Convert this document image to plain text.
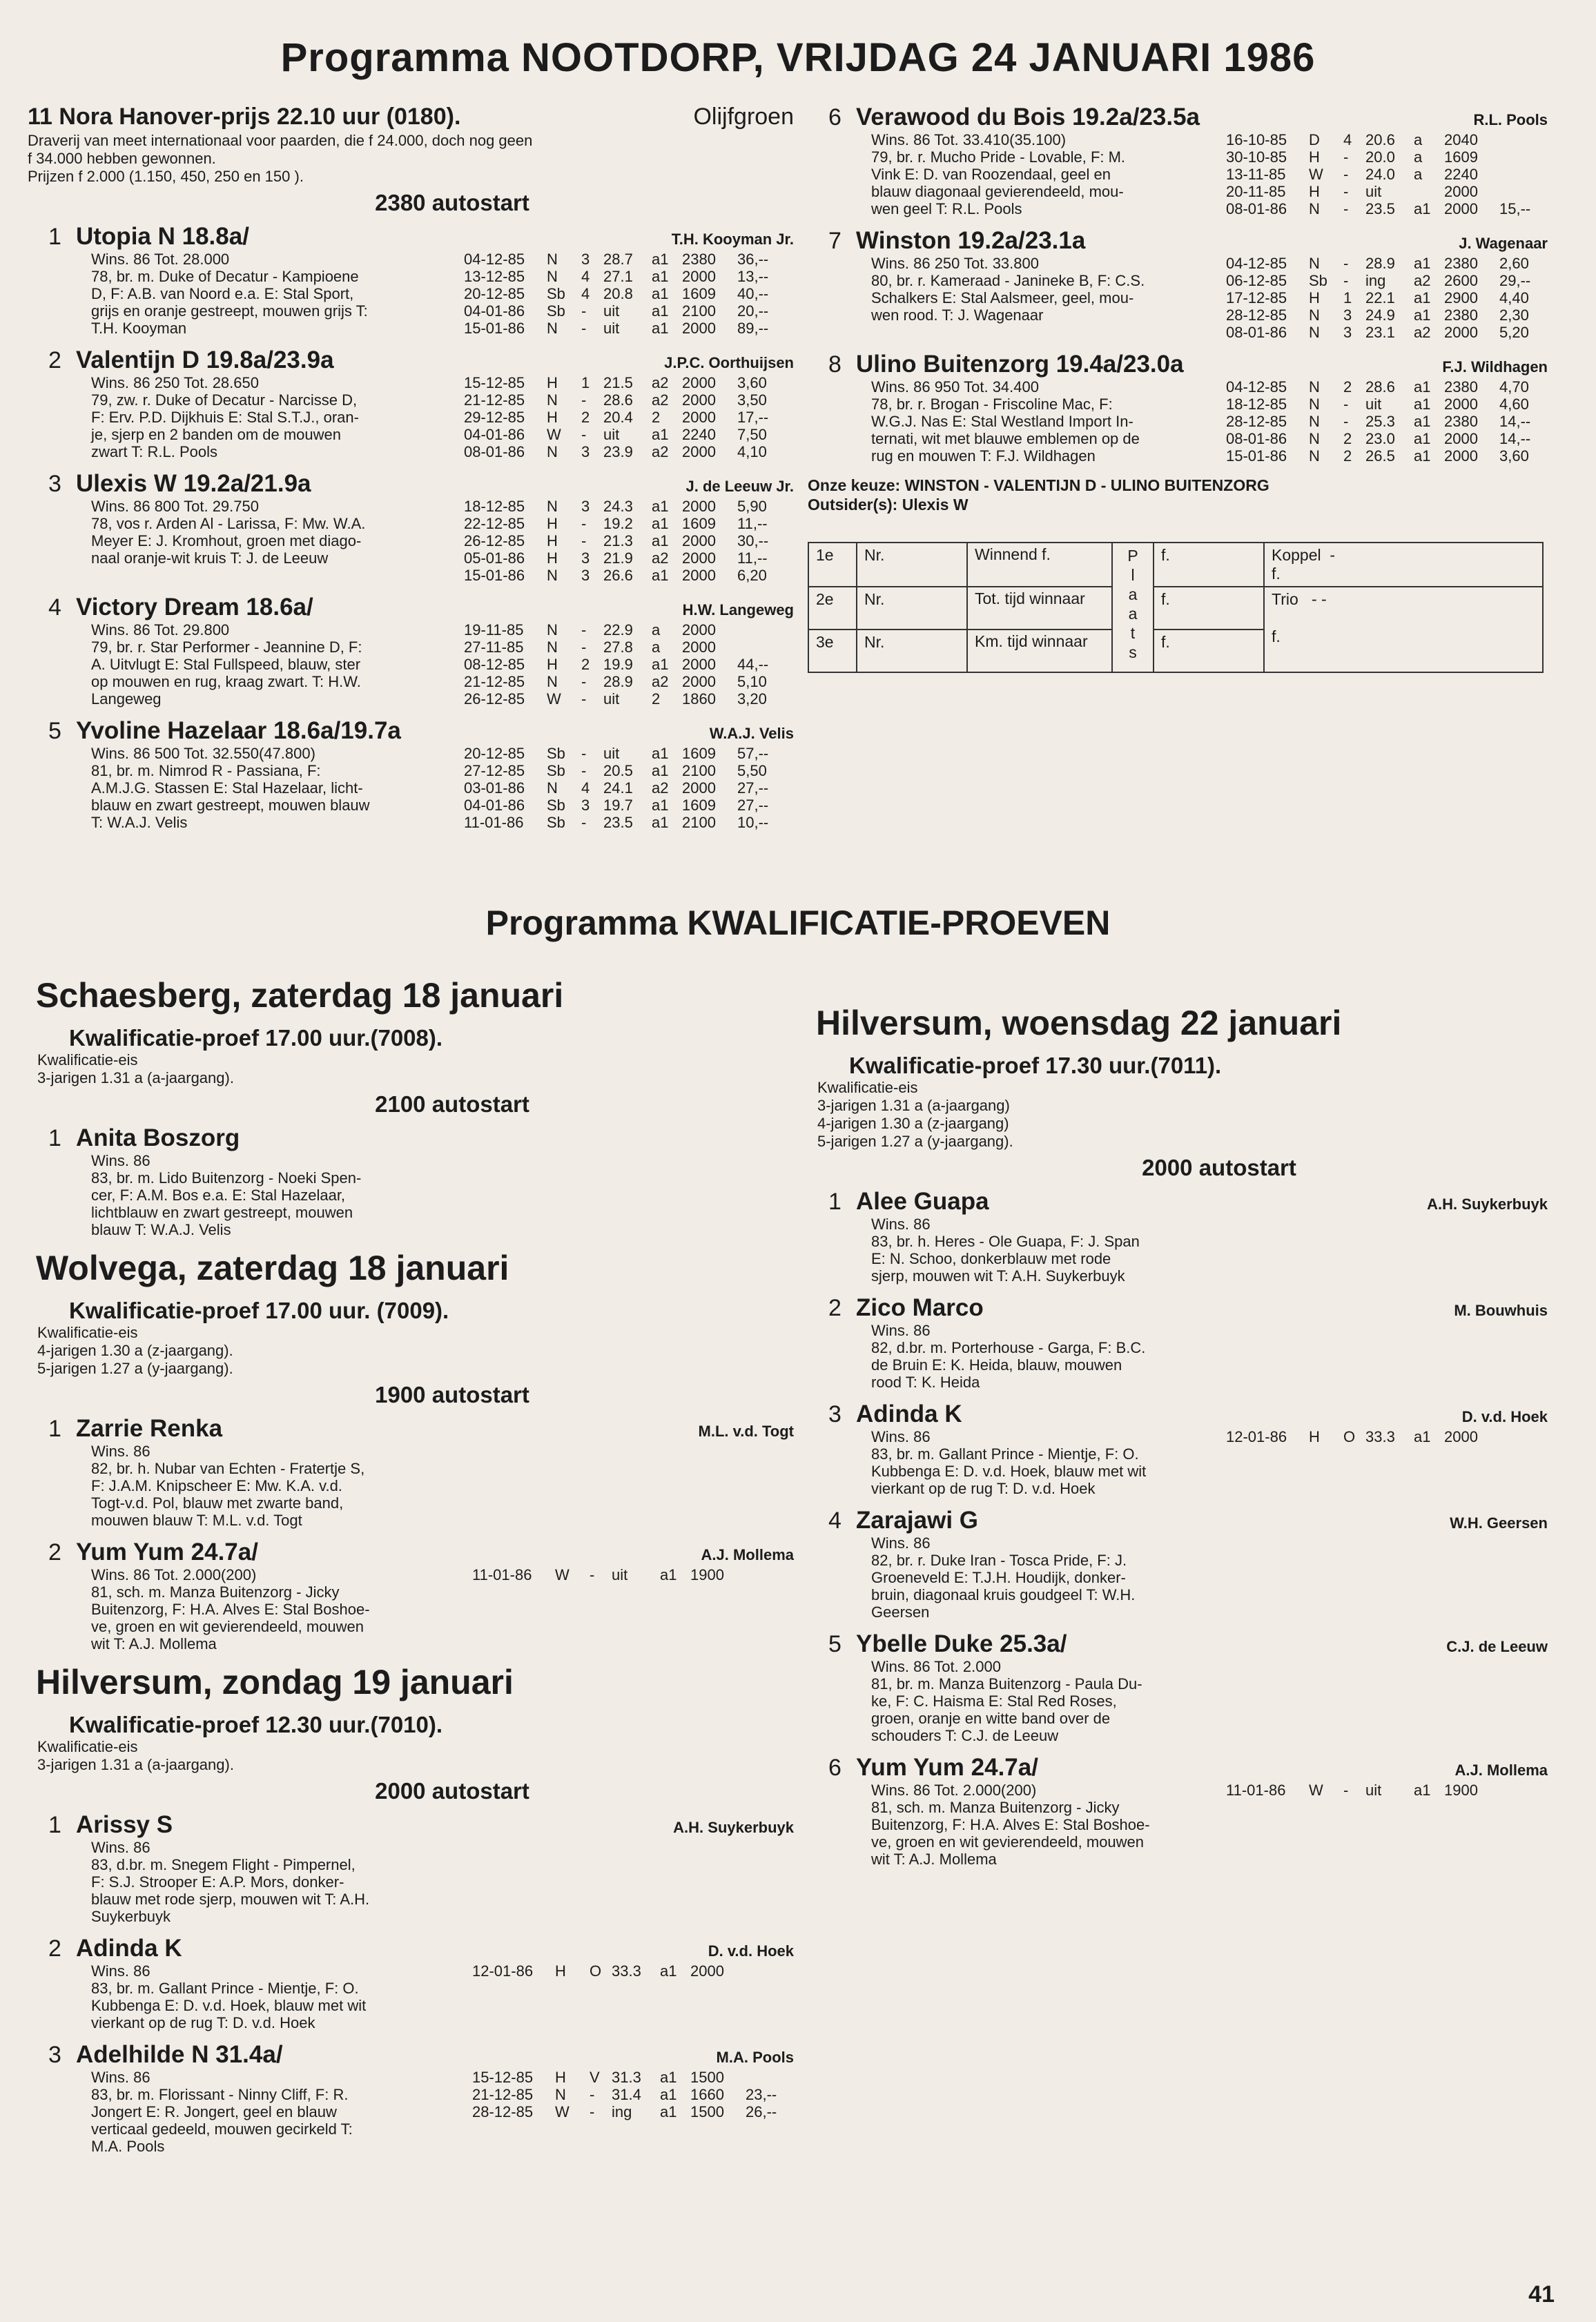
Programma NOOTDORP, VRIJDAG 24 JANUARI 1986
11 Nora Hanover-prijs 22.10 uur (0180).	Olijfgroen
Draverij van meet internationaal voor paarden, die f 24.000, doch nog geen
f 34.000 hebben gewonnen.
Prijzen f 2.000 (1.150, 450, 250 en 150 ).
2380 autostart
1 Utopia N 18.8a/	T.H. Kooyman Jr.
Wins. 86 Tot. 28.000
78, br. m. Duke of Decatur - Kampioene
D, F: A.B. van Noord e.a. E: Stal Sport,
grijs en oranje gestreept, mouwen grijs T:
T.H. Kooyman
04-12-85	N	3 28.7	a1 2380	36,--
13-12-85	N	4 27.1	a1 2000	13,--
20-12-85	Sb	4 20.8	a1 1609	40,--
04-01-86	Sb	-	uit	a1 2100	20,--
15-01-86	N	-	uit	a1 2000	89,--
2 Valentijn D 19.8a/23.9a	J.P.C. Oorthuijsen
Wins. 86 250 Tot. 28.650
79, zw. r. Duke of Decatur - Narcisse D,
F: Erv. P.D. Dijkhuis E: Stal S.T.J., oran-
je, sjerp en 2 banden om de mouwen
zwart T: R.L. Pools
15-12-85	H	1 21.5	a2 2000	3,60
21-12-85	N	-	28.6	a2 2000	3,50
29-12-85	H	2 20.4	2	2000	17,--
04-01-86	W	-	uit	a1 2240	7,50
08-01-86	N	3 23.9	a2 2000	4,10
3 Ulexis W 19.2a/21.9a	J. de Leeuw Jr.
Wins. 86 800 Tot. 29.750
78, vos r. Arden Al - Larissa, F: Mw. W.A.
Meyer E: J. Kromhout, groen met diago-
naal oranje-wit kruis T: J. de Leeuw
18-12-85	N	3 24.3	a1 2000	5,90
22-12-85	H	-	19.2	a1 1609	11,--
26-12-85	H	-	21.3	a1 2000	30,--
05-01-86	H	3 21.9	a2 2000	11,--
15-01-86	N	3 26.6	a1 2000	6,20
4 Victory Dream 18.6a/	H.W. Langeweg
Wins. 86 Tot. 29.800
79, br. r. Star Performer - Jeannine D, F:
A. Uitvlugt E: Stal Fullspeed, blauw, ster
op mouwen en rug, kraag zwart. T: H.W.
Langeweg
19-11-85	N	-	22.9	a	2000
27-11-85	N	-	27.8	a	2000
08-12-85	H	2 19.9	a1 2000	44,--
21-12-85	N	-	28.9	a2 2000	5,10
26-12-85	W	-	uit	2	1860	3,20
5 Yvoline Hazelaar 18.6a/19.7a	W.A.J. Velis
Wins. 86 500 Tot. 32.550(47.800)
81, br. m. Nimrod R - Passiana, F:
A.M.J.G. Stassen E: Stal Hazelaar, licht-
blauw en zwart gestreept, mouwen blauw
T: W.A.J. Velis
20-12-85	Sb	-	uit	a1 1609	57,--
27-12-85	Sb	-	20.5	a1 2100	5,50
03-01-86	N	4 24.1	a2 2000	27,--
04-01-86	Sb	3 19.7	a1 1609	27,--
11-01-86	Sb	-	23.5	a1 2100	10,--
6 Verawood du Bois 19.2a/23.5a	R.L. Pools
Wins. 86 Tot. 33.410(35.100)
79, br. r. Mucho Pride - Lovable, F: M.
Vink E: D. van Roozendaal, geel en
blauw diagonaal gevierendeeld, mou-
wen geel T: R.L. Pools
16-10-85	D	4 20.6	a	2040
30-10-85	H	-	20.0	a	1609
13-11-85	W	-	24.0	a	2240
20-11-85	H	-	uit	2000
08-01-86	N	-	23.5	a1 2000	15,--
7 Winston 19.2a/23.1a	J. Wagenaar
Wins. 86 250 Tot. 33.800
80, br. r. Kameraad - Janineke B, F: C.S.
Schalkers E: Stal Aalsmeer, geel, mou-
wen rood. T: J. Wagenaar
04-12-85	N	-	28.9	a1 2380	2,60
06-12-85	Sb	-	ing	a2 2600	29,--
17-12-85	H	1 22.1	a1 2900	4,40
28-12-85	N	3 24.9	a1 2380	2,30
08-01-86	N	3 23.1	a2 2000	5,20
8 Ulino Buitenzorg 19.4a/23.0a	F.J. Wildhagen
Wins. 86 950 Tot. 34.400
78, br. r. Brogan - Friscoline Mac, F:
W.G.J. Nas E: Stal Westland Import In-
ternati, wit met blauwe emblemen op de
rug en mouwen T: F.J. Wildhagen
04-12-85	N	2 28.6	a1 2380	4,70
18-12-85	N	-	uit	a1 2000	4,60
28-12-85	N	-	25.3	a1 2380	14,--
08-01-86	N	2 23.0	a1 2000	14,--
15-01-86	N	2 26.5	a1 2000	3,60
Onze keuze: WINSTON - VALENTIJN D - ULINO BUITENZORG
Outsider(s): Ulexis W
1e	Nr.	Winnend f.	P l a a t s	f.	Koppel -
f.
2e	Nr.	Tot. tijd winnaar		f.	Trio - -

f.
3e	Nr.	Km. tijd winnaar		f.	
Programma KWALIFICATIE-PROEVEN
Schaesberg, zaterdag 18 januari
Kwalificatie-proef 17.00 uur.(7008).
Kwalificatie-eis
3-jarigen 1.31 a (a-jaargang).
2100 autostart
1 Anita Boszorg
Wins. 86
83, br. m. Lido Buitenzorg - Noeki Spen-
cer, F: A.M. Bos e.a. E: Stal Hazelaar,
lichtblauw en zwart gestreept, mouwen
blauw T: W.A.J. Velis
Wolvega, zaterdag 18 januari
Kwalificatie-proef 17.00 uur. (7009).
Kwalificatie-eis
4-jarigen 1.30 a (z-jaargang).
5-jarigen 1.27 a (y-jaargang).
1900 autostart
1 Zarrie Renka	M.L. v.d. Togt
Wins. 86
82, br. h. Nubar van Echten - Fratertje S,
F: J.A.M. Knipscheer E: Mw. K.A. v.d.
Togt-v.d. Pol, blauw met zwarte band,
mouwen blauw T: M.L. v.d. Togt
2 Yum Yum 24.7a/	A.J. Mollema
Wins. 86 Tot. 2.000(200)
81, sch. m. Manza Buitenzorg - Jicky
Buitenzorg, F: H.A. Alves E: Stal Boshoe-
ve, groen en wit gevierendeeld, mouwen
wit T: A.J. Mollema
11-01-86	W	-	uit	a1 1900
Hilversum, zondag 19 januari
Kwalificatie-proef 12.30 uur.(7010).
Kwalificatie-eis
3-jarigen 1.31 a (a-jaargang).
2000 autostart
1 Arissy S	A.H. Suykerbuyk
Wins. 86
83, d.br. m. Snegem Flight - Pimpernel,
F: S.J. Strooper E: A.P. Mors, donker-
blauw met rode sjerp, mouwen wit T: A.H.
Suykerbuyk
2 Adinda K	D. v.d. Hoek
Wins. 86
83, br. m. Gallant Prince - Mientje, F: O.
Kubbenga E: D. v.d. Hoek, blauw met wit
vierkant op de rug T: D. v.d. Hoek
12-01-86	H	O 33.3	a1 2000
3 Adelhilde N 31.4a/	M.A. Pools
Wins. 86
83, br. m. Florissant - Ninny Cliff, F: R.
Jongert E: R. Jongert, geel en blauw
verticaal gedeeld, mouwen gecirkeld T:
M.A. Pools
15-12-85	H	V 31.3	a1 1500
21-12-85	N	-	31.4	a1 1660	23,--
28-12-85	W	-	ing	a1 1500	26,--
Hilversum, woensdag 22 januari
Kwalificatie-proef 17.30 uur.(7011).
Kwalificatie-eis
3-jarigen 1.31 a (a-jaargang)
4-jarigen 1.30 a (z-jaargang)
5-jarigen 1.27 a (y-jaargang).
2000 autostart
1 Alee Guapa	A.H. Suykerbuyk
Wins. 86
83, br. h. Heres - Ole Guapa, F: J. Span
E: N. Schoo, donkerblauw met rode
sjerp, mouwen wit T: A.H. Suykerbuyk
2 Zico Marco	M. Bouwhuis
Wins. 86
82, d.br. m. Porterhouse - Garga, F: B.C.
de Bruin E: K. Heida, blauw, mouwen
rood T: K. Heida
3 Adinda K	D. v.d. Hoek
Wins. 86
83, br. m. Gallant Prince - Mientje, F: O.
Kubbenga E: D. v.d. Hoek, blauw met wit
vierkant op de rug T: D. v.d. Hoek
12-01-86	H	O 33.3	a1 2000
4 Zarajawi G	W.H. Geersen
Wins. 86
82, br. r. Duke Iran - Tosca Pride, F: J.
Groeneveld E: T.J.H. Houdijk, donker-
bruin, diagonaal kruis goudgeel T: W.H.
Geersen
5 Ybelle Duke 25.3a/	C.J. de Leeuw
Wins. 86 Tot. 2.000
81, br. m. Manza Buitenzorg - Paula Du-
ke, F: C. Haisma E: Stal Red Roses,
groen, oranje en witte band over de
schouders T: C.J. de Leeuw
6 Yum Yum 24.7a/	A.J. Mollema
Wins. 86 Tot. 2.000(200)
81, sch. m. Manza Buitenzorg - Jicky
Buitenzorg, F: H.A. Alves E: Stal Boshoe-
ve, groen en wit gevierendeeld, mouwen
wit T: A.J. Mollema
11-01-86	W	-	uit	a1 1900
41
